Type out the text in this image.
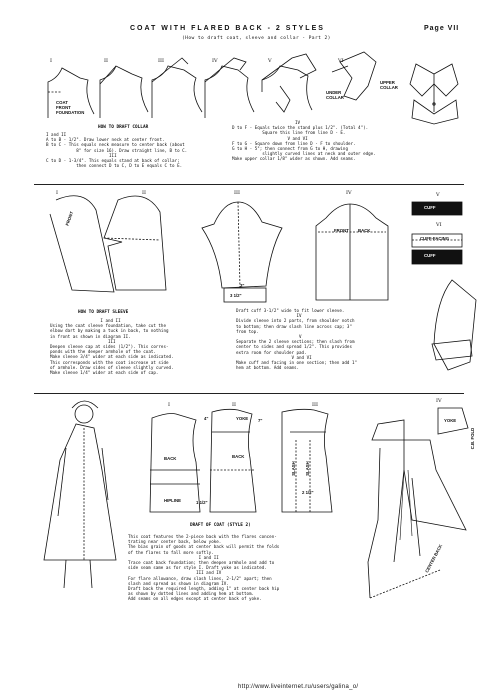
COAT WITH FLARED BACK - 2 STYLES	Page VII
(How to draft coat, sleeve and collar - Part 2)
I	II	III	IV	V	VI
COAT
FRONT
FOUNDATION
UNDER
COLLAR
UPPER
COLLAR
HOW TO DRAFT COLLAR
I and II
A to B - 1/2". Draw lower neck at center front.
B to C - This equals neck measure to center back (about
8" for size 16). Draw straight line, B to C.
III
C to D - 1-3/4". This equals stand at back of collar;
then connect D to C, D to E equals C to E.
IV
D to F - Equals twice the stand plus 1/2". (Total 4").
Square this line from line D - E.
V and VI
F to G - Square down from line D - F to shoulder.
G to H - 5"; then connect from G to H, drawing
slightly curved lines at neck and outer edge.
Make upper collar 1/8" wider as shown. Add seams.
I	II	III	IV	V
VI
FRONT
FRONT BACK
CUFF
CUFF-FACING
CUFF
3"
3 1/2"
HOW TO DRAFT SLEEVE
I and II
Using the coat sleeve foundation, take cut the
elbow dart by making a tuck in back, to nothing
in front as shown in diagram II.
III
Deepen sleeve cap at sides (1/2"). This corres-
ponds with the deeper armhole of the coat.
Make sleeve 3/4" wider at each side as indicated.
This corresponds with the coat increase at side
of armhole. Draw sides of sleeve slightly curved.
Make sleeve 1/4" wider at each side of cap.
Draft cuff 3-1/2" wide to fit lower sleeve.
IV
Divide sleeve into 2 parts, from shoulder notch
to bottom; then draw slash line across cap; 3"
from top.
V
Separate the 2 sleeve sections; then slash from
center to sides and spread 1/2". This provides
extra room for shoulder pad.
V and VI
Make cuff and facing in one section; then add 1"
hem at bottom. Add seams.
I	II	III
IV
BACK
HIPLINE
YOKE
BACK
SLASH SLASH
YOKE
C.B. FOLD
CENTER BACK
4"	7"
1 1/2"
2 1/2"
DRAFT OF COAT (STYLE 2)
This coat features the 2-piece back with the flares concen-
trating near center back, below yoke.
The bias grain of goods at center back will permit the folds
of the flares to fall more softly.
I and II
Trace coat back foundation; then deepen armhole and add to
side seam same as for style I. Draft yoke as indicated.
III and IV
For flare allowance, draw slash lines, 2-1/2" apart; then
slash and spread as shown in diagram IV.
Draft back the required length, adding 1" at center back hip
as shown by dotted lines and adding hem at bottom.
Add seams on all edges except at center back of yoke.
http://www.liveinternet.ru/users/galina_o/
